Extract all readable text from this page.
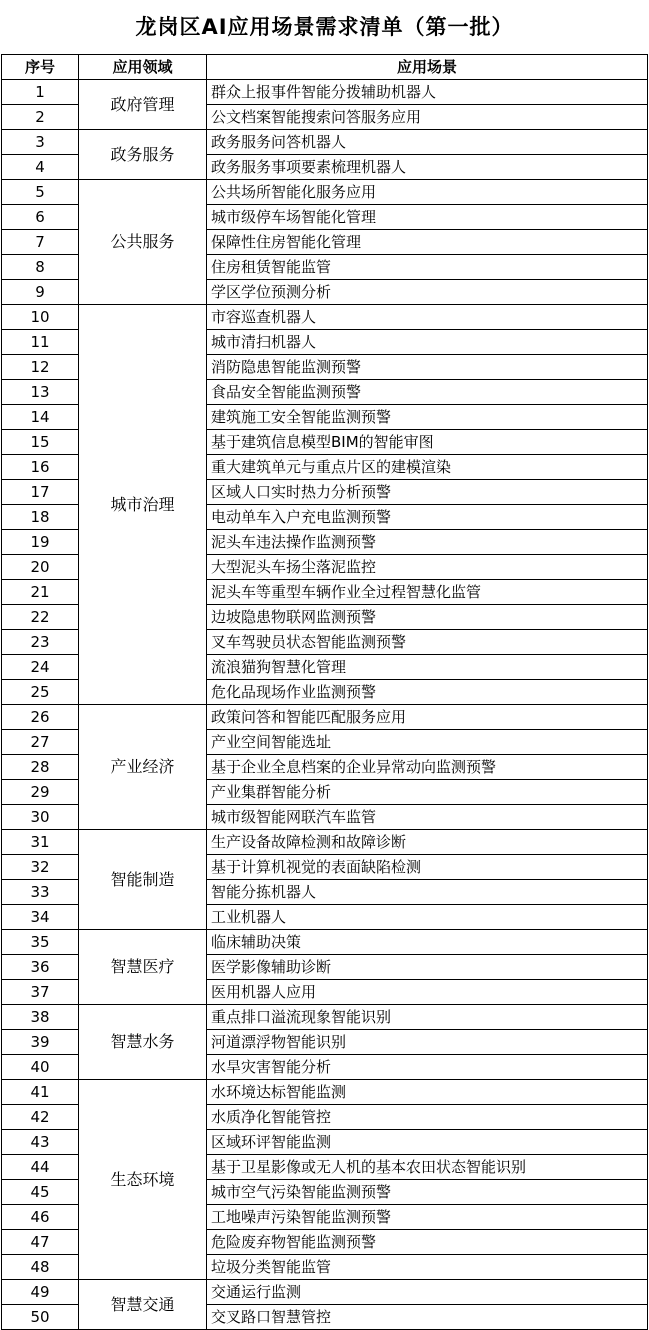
龙岗区AI应用场景需求清单（第一批）
序号	应用领域	应用场景
1	政府管理	群众上报事件智能分拨辅助机器人
2		公文档案智能搜索问答服务应用
3	政务服务	政务服务问答机器人
4		政务服务事项要素梳理机器人
5	公共服务	公共场所智能化服务应用
6		城市级停车场智能化管理
7		保障性住房智能化管理
8		住房租赁智能监管
9		学区学位预测分析
10	城市治理	市容巡查机器人
11		城市清扫机器人
12		消防隐患智能监测预警
13		食品安全智能监测预警
14		建筑施工安全智能监测预警
15		基于建筑信息模型BIM的智能审图
16		重大建筑单元与重点片区的建模渲染
17		区域人口实时热力分析预警
18		电动单车入户充电监测预警
19		泥头车违法操作监测预警
20		大型泥头车扬尘落泥监控
21		泥头车等重型车辆作业全过程智慧化监管
22		边坡隐患物联网监测预警
23		叉车驾驶员状态智能监测预警
24		流浪猫狗智慧化管理
25		危化品现场作业监测预警
26	产业经济	政策问答和智能匹配服务应用
27		产业空间智能选址
28		基于企业全息档案的企业异常动向监测预警
29		产业集群智能分析
30		城市级智能网联汽车监管
31	智能制造	生产设备故障检测和故障诊断
32		基于计算机视觉的表面缺陷检测
33		智能分拣机器人
34		工业机器人
35	智慧医疗	临床辅助决策
36		医学影像辅助诊断
37		医用机器人应用
38	智慧水务	重点排口溢流现象智能识别
39		河道漂浮物智能识别
40		水旱灾害智能分析
41	生态环境	水环境达标智能监测
42		水质净化智能管控
43		区域环评智能监测
44		基于卫星影像或无人机的基本农田状态智能识别
45		城市空气污染智能监测预警
46		工地噪声污染智能监测预警
47		危险废弃物智能监测预警
48		垃圾分类智能监管
49	智慧交通	交通运行监测
50		交叉路口智慧管控
